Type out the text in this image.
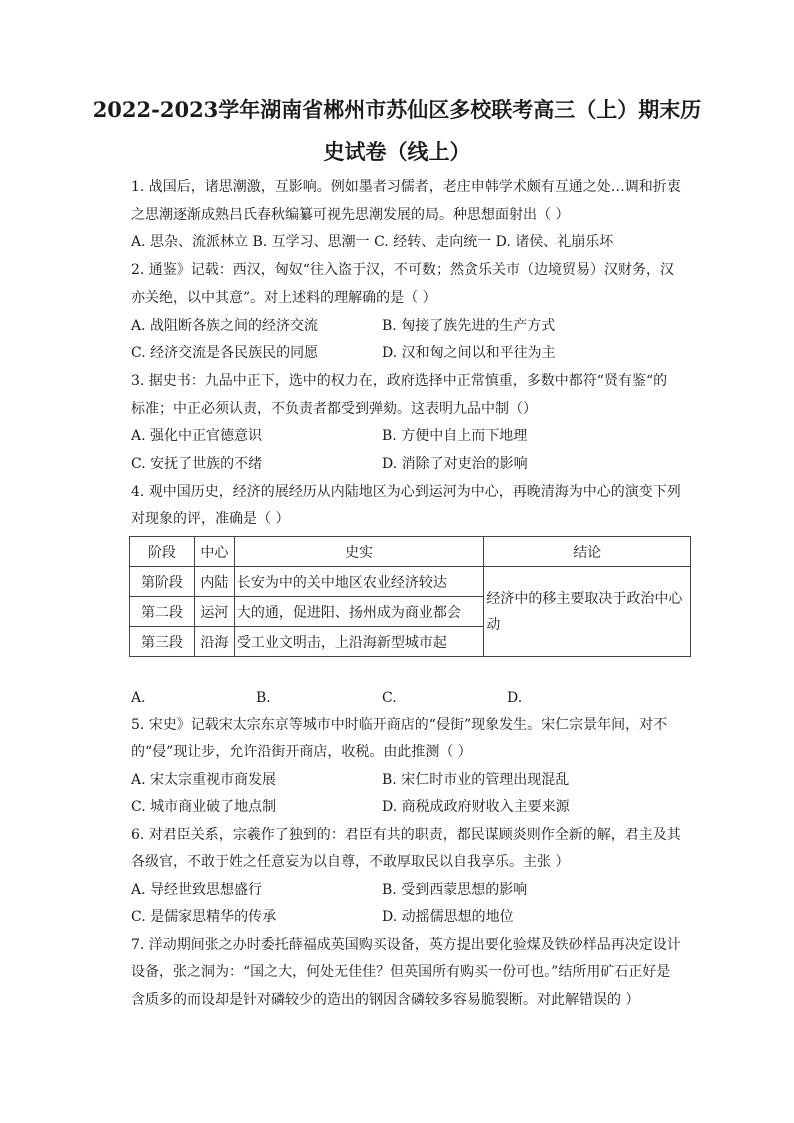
2022-2023学年湖南省郴州市苏仙区多校联考高三（上）期末历
史试卷（线上）
1. 战国后，诸思潮激，互影响。例如墨者习儒者，老庄申韩学术颇有互通之处…调和折衷
之思潮逐渐成熟吕氏春秋编纂可视先思潮发展的局。种思想面射出（ ）
A. 思杂、流派林立 B. 互学习、思潮一 C. 经转、走向统一 D. 诸侯、礼崩乐坏
2. 通鉴》记载：西汉，匈奴“往入盗于汉，不可数；然贪乐关市（边境贸易）汉财务，汉
亦关绝，以中其意”。对上述料的理解确的是（ ）
A. 战阻断各族之间的经济交流	B. 匈接了族先进的生产方式
C. 经济交流是各民族民的同愿	D. 汉和匈之间以和平往为主
3. 据史书：九品中正下，选中的权力在，政府选择中正常慎重，多数中都符“贤有鉴“的
标准；中正必须认责，不负责者都受到弹劾。这表明九品中制（）
A. 强化中正官德意识	B. 方便中自上而下地理
C. 安抚了世族的不绪	D. 消除了对吏治的影响
4. 观中国历史，经济的展经历从内陆地区为心到运河为中心，再晚清海为中心的演变下列
对现象的评，准确是（ ）
阶段	中心	史实	结论
第阶段	内陆	长安为中的关中地区农业经济较达	经济中的移主要取决于政治中心动
第二段	运河	大的通，促进阳、扬州成为商业都会	
第三段	沿海	受工业文明击，上沿海新型城市起	
A.	B.	C.	D.
5. 宋史》记载宋太宗东京等城市中时临开商店的“侵街”现象发生。宋仁宗景年间，对不
的“侵”现让步，允许沿街开商店，收税。由此推测（ ）
A. 宋太宗重视市商发展	B. 宋仁时市业的管理出现混乱
C. 城市商业破了地点制	D. 商税成政府财收入主要来源
6. 对君臣关系，宗羲作了独到的：君臣有共的职责，都民谋顾炎则作全新的解，君主及其
各级官，不敢于姓之任意妄为以自尊，不敢厚取民以自我享乐。主张 ）
A. 导经世致思想盛行	B. 受到西蒙思想的影响
C. 是儒家思精华的传承	D. 动摇儒思想的地位
7. 洋动期间张之办时委托薛福成英国购买设备，英方提出要化验煤及铁砂样品再决定设计
设备，张之洞为：“国之大，何处无佳佳？但英国所有购买一份可也。”结所用矿石正好是
含质多的而设却是针对磷较少的造出的钢因含磷较多容易脆裂断。对此解错误的 ）
